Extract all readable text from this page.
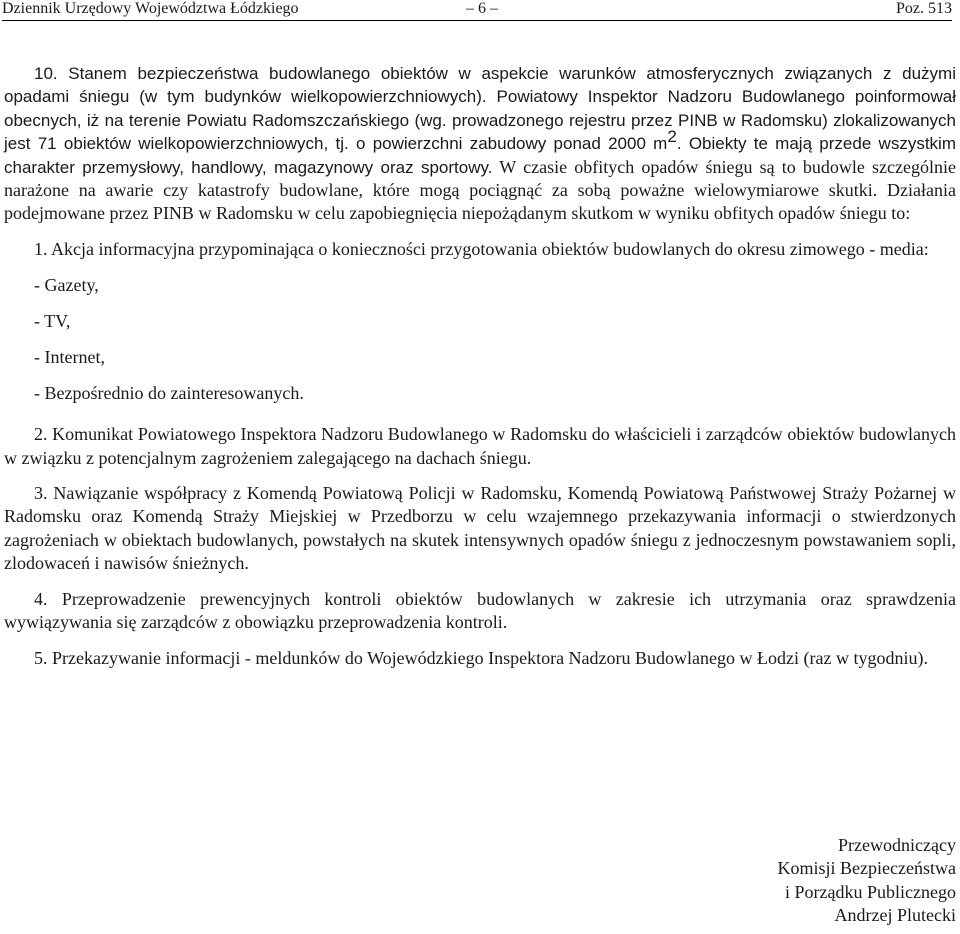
Dziennik Urzędowy Województwa Łódzkiego	– 6 –	Poz. 513

10. Stanem bezpieczeństwa budowlanego obiektów w aspekcie warunków atmosferycznych związanych z dużymi opadami śniegu (w tym budynków wielkopowierzchniowych). Powiatowy Inspektor Nadzoru Budowlanego poinformował obecnych, iż na terenie Powiatu Radomszczańskiego (wg. prowadzonego rejestru przez PINB w Radomsku) zlokalizowanych jest 71 obiektów wielkopowierzchniowych, tj. o powierzchni zabudowy ponad 2000 $m^2$. Obiekty te mają przede wszystkim charakter przemysłowy, handlowy, magazynowy oraz sportowy. W czasie obfitych opadów śniegu są to budowle szczególnie narażone na awarie czy katastrofy budowlane, które mogą pociągnąć za sobą poważne wielowymiarowe skutki. Działania podejmowane przez PINB w Radomsku w celu zapobiegnięcia niepożądanym skutkom w wyniku obfitych opadów śniegu to:

1. Akcja informacyjna przypominająca o konieczności przygotowania obiektów budowlanych do okresu zimowego - media:

- Gazety,
- TV,
- Internet,
- Bezpośrednio do zainteresowanych.

2. Komunikat Powiatowego Inspektora Nadzoru Budowlanego w Radomsku do właścicieli i zarządców obiektów budowlanych w związku z potencjalnym zagrożeniem zalegającego na dachach śniegu.

3. Nawiązanie współpracy z Komendą Powiatową Policji w Radomsku, Komendą Powiatową Państwowej Straży Pożarnej w Radomsku oraz Komendą Straży Miejskiej w Przedborzu w celu wzajemnego przekazywania informacji o stwierdzonych zagrożeniach w obiektach budowlanych, powstałych na skutek intensywnych opadów śniegu z jednoczesnym powstawaniem sopli, zlodowaceń i nawisów śnieżnych.

4. Przeprowadzenie prewencyjnych kontroli obiektów budowlanych w zakresie ich utrzymania oraz sprawdzenia wywiązywania się zarządców z obowiązku przeprowadzenia kontroli.

5. Przekazywanie informacji - meldunków do Wojewódzkiego Inspektora Nadzoru Budowlanego w Łodzi (raz w tygodniu).

Przewodniczący
Komisji Bezpieczeństwa
i Porządku Publicznego
Andrzej Plutecki
